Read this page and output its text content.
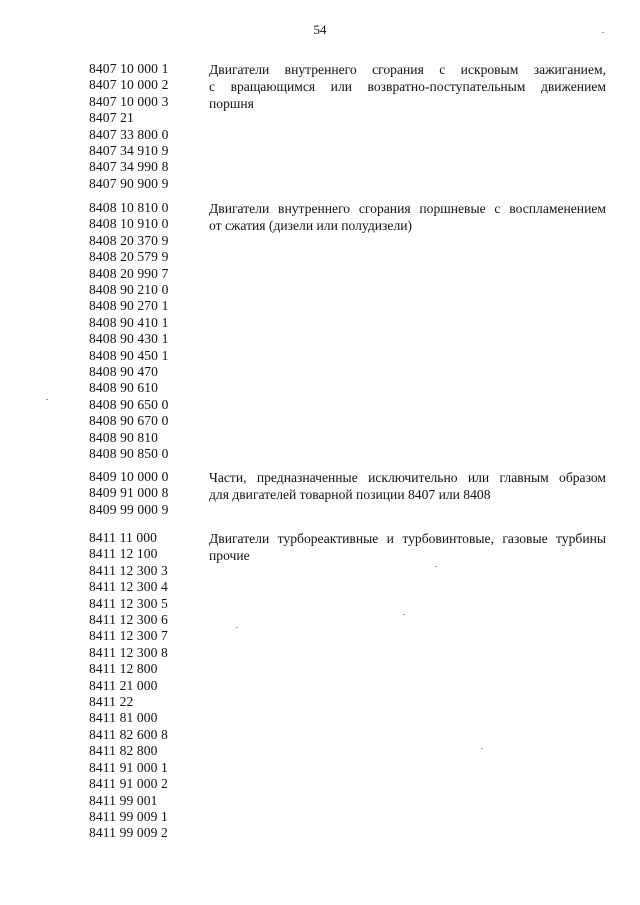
54
8407 10 000 1
8407 10 000 2
8407 10 000 3
8407 21
8407 33 800 0
8407 34 910 9
8407 34 990 8
8407 90 900 9
Двигатели внутреннего сгорания с искровым зажиганием,
с вращающимся или возвратно-поступательным движением
поршня
8408 10 810 0
8408 10 910 0
8408 20 370 9
8408 20 579 9
8408 20 990 7
8408 90 210 0
8408 90 270 1
8408 90 410 1
8408 90 430 1
8408 90 450 1
8408 90 470
8408 90 610
8408 90 650 0
8408 90 670 0
8408 90 810
8408 90 850 0
Двигатели внутреннего сгорания поршневые с воспламенением
от сжатия (дизели или полудизели)
8409 10 000 0
8409 91 000 8
8409 99 000 9
Части, предназначенные исключительно или главным образом
для двигателей товарной позиции 8407 или 8408
8411 11 000
8411 12 100
8411 12 300 3
8411 12 300 4
8411 12 300 5
8411 12 300 6
8411 12 300 7
8411 12 300 8
8411 12 800
8411 21 000
8411 22
8411 81 000
8411 82 600 8
8411 82 800
8411 91 000 1
8411 91 000 2
8411 99 001
8411 99 009 1
8411 99 009 2
Двигатели турбореактивные и турбовинтовые, газовые турбины
прочие
